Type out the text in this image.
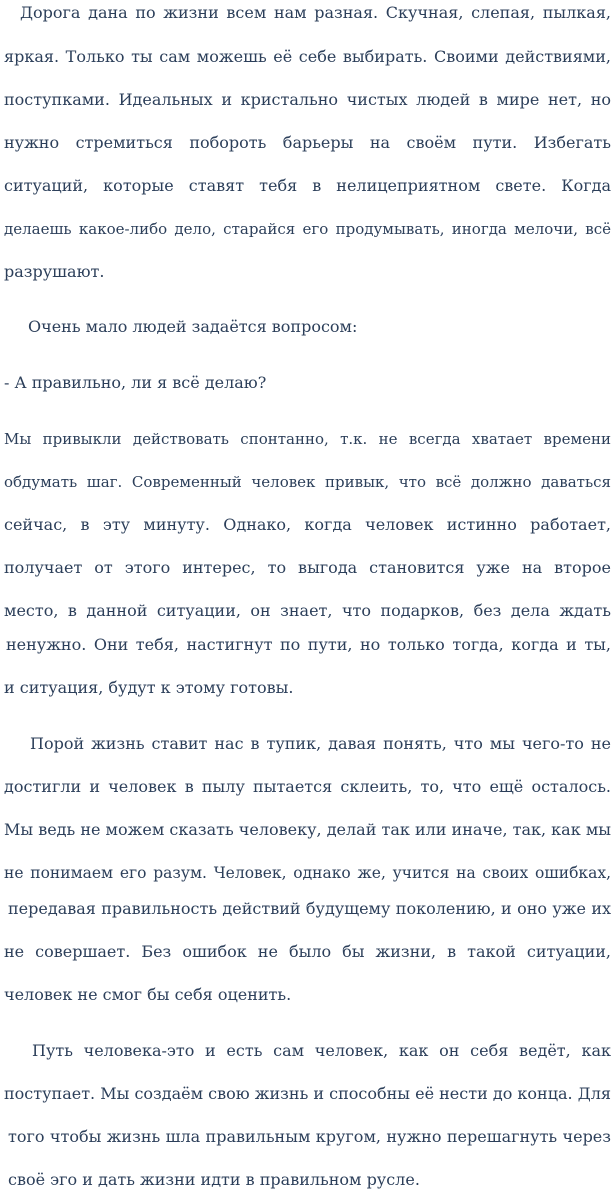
Дорога дана по жизни всем нам разная. Скучная, слепая, пылкая,
яркая. Только ты сам можешь её себе выбирать. Своими действиями,
поступками. Идеальных и кристально чистых людей в мире нет, но
нужно стремиться побороть барьеры на своём пути. Избегать
ситуаций, которые ставят тебя в нелицеприятном свете. Когда
делаешь какое-либо дело, старайся его продумывать, иногда мелочи, всё
разрушают.
Очень мало людей задаётся вопросом:
- А правильно, ли я всё делаю?
Мы привыкли действовать спонтанно, т.к. не всегда хватает времени
обдумать шаг. Современный человек привык, что всё должно даваться
сейчас, в эту минуту. Однако, когда человек истинно работает,
получает от этого интерес, то выгода становится уже на второе
место, в данной ситуации, он знает, что подарков, без дела ждать
ненужно. Они тебя, настигнут по пути, но только тогда, когда и ты,
и ситуация, будут к этому готовы.
Порой жизнь ставит нас в тупик, давая понять, что мы чего-то не
достигли и человек в пылу пытается склеить, то, что ещё осталось.
Мы ведь не можем сказать человеку, делай так или иначе, так, как мы
не понимаем его разум. Человек, однако же, учится на своих ошибках,
передавая правильность действий будущему поколению, и оно уже их
не совершает. Без ошибок не было бы жизни, в такой ситуации,
человек не смог бы себя оценить.
Путь человека-это и есть сам человек, как он себя ведёт, как
поступает. Мы создаём свою жизнь и способны её нести до конца. Для
того чтобы жизнь шла правильным кругом, нужно перешагнуть через
своё эго и дать жизни идти в правильном русле.
